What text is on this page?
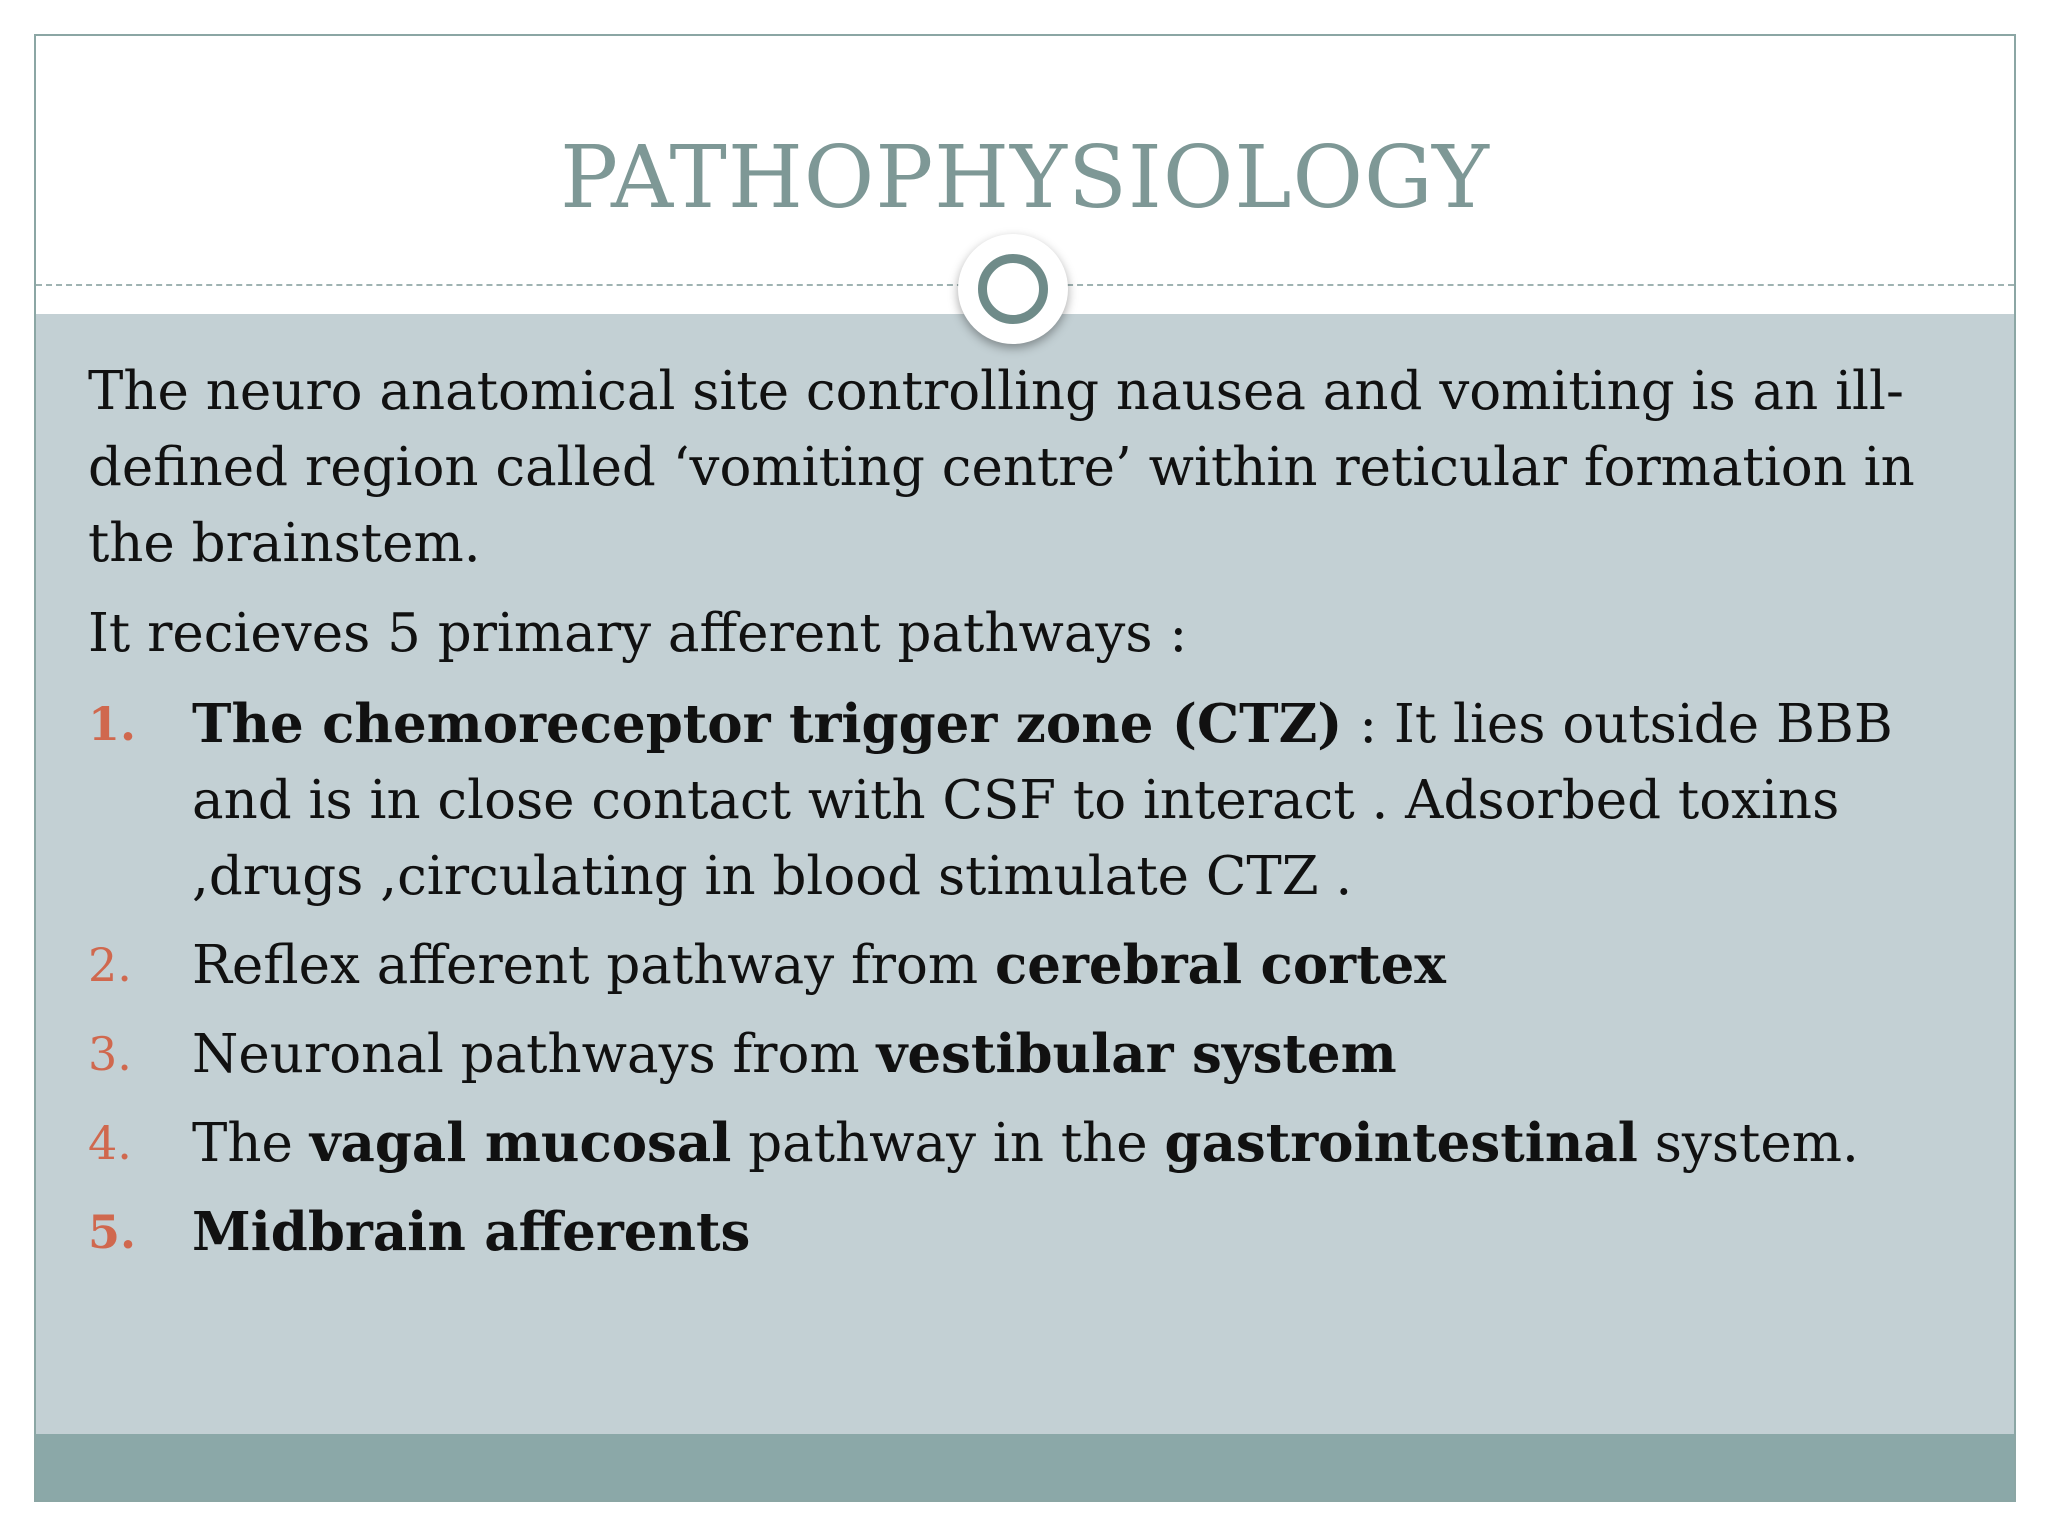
PATHOPHYSIOLOGY

The neuro anatomical site controlling nausea and vomiting is an ill-defined region called ‘vomiting centre’ within reticular formation in the brainstem.

It recieves 5 primary afferent pathways :

1. The chemoreceptor trigger zone (CTZ) : It lies outside BBB and is in close contact with CSF to interact . Adsorbed toxins ,drugs ,circulating in blood stimulate CTZ .
2. Reflex afferent pathway from cerebral cortex
3. Neuronal pathways from vestibular system
4. The vagal mucosal pathway in the gastrointestinal system.
5. Midbrain afferents
